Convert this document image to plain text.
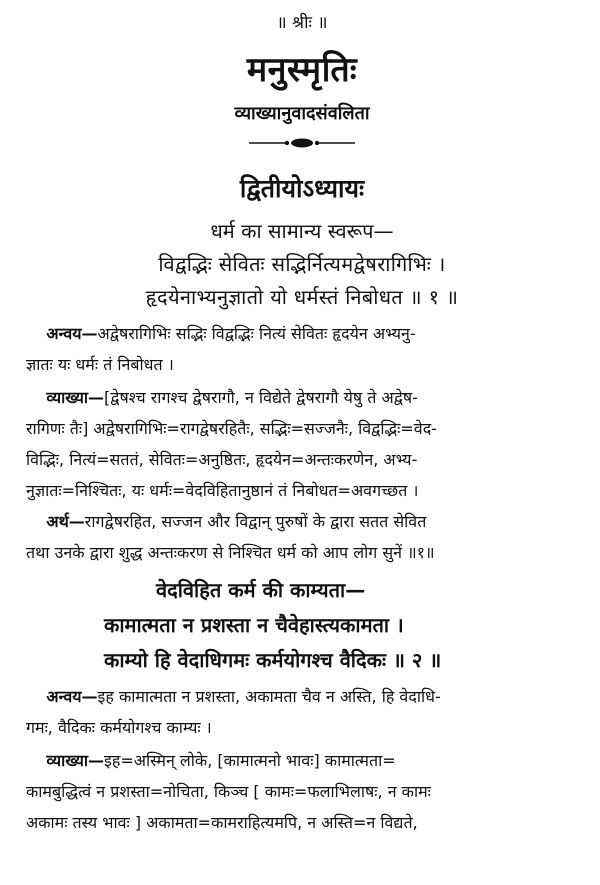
॥ श्रीः ॥
मनुस्मृतिः
व्याख्यानुवादसंवलिता
द्वितीयोऽध्यायः
धर्म का सामान्य स्वरूप—
विद्वद्भिः सेवितः सद्भिर्नित्यमद्वेषरागिभिः ।
हृदयेनाभ्यनुज्ञातो यो धर्मस्तं निबोधत ॥ १ ॥
अन्वय—अद्वेषरागिभिः सद्भिः विद्वद्भिः नित्यं सेवितः हृदयेन अभ्यनु-
ज्ञातः यः धर्मः तं निबोधत ।
व्याख्या—[द्वेषश्च रागश्च द्वेषरागौ, न विद्येते द्वेषरागौ येषु ते अद्वेष-
रागिणः तैः] अद्वेषरागिभिः=रागद्वेषरहितैः, सद्भिः=सज्जनैः, विद्वद्भिः=वेद-
विद्भिः, नित्यं=सततं, सेवितः=अनुष्ठितः, हृदयेन=अन्तःकरणेन, अभ्य-
नुज्ञातः=निश्चितः, यः धर्मः=वेदविहितानुष्ठानं तं निबोधत=अवगच्छत ।
अर्थ—रागद्वेषरहित, सज्जन और विद्वान् पुरुषों के द्वारा सतत सेवित
तथा उनके द्वारा शुद्ध अन्तःकरण से निश्चित धर्म को आप लोग सुनें ॥१॥
वेदविहित कर्म की काम्यता—
कामात्मता न प्रशस्ता न चैवेहास्त्यकामता ।
काम्यो हि वेदाधिगमः कर्मयोगश्च वैदिकः ॥ २ ॥
अन्वय—इह कामात्मता न प्रशस्ता, अकामता चैव न अस्ति, हि वेदाधि-
गमः, वैदिकः कर्मयोगश्च काम्यः ।
व्याख्या—इह=अस्मिन् लोके, [कामात्मनो भावः] कामात्मता=
कामबुद्धित्वं न प्रशस्ता=नोचिता, किञ्च [ कामः=फलाभिलाषः, न कामः
अकामः तस्य भावः ] अकामता=कामराहित्यमपि, न अस्ति=न विद्यते,
